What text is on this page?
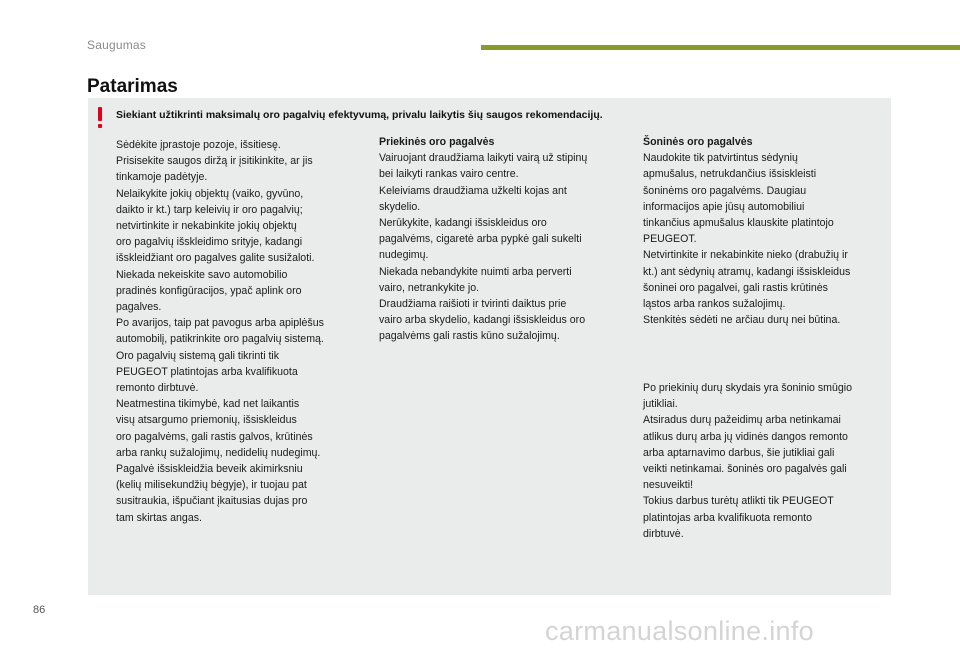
Saugumas
Patarimas
Siekiant užtikrinti maksimalų oro pagalvių efektyvumą, privalu laikytis šių saugos rekomendacijų.

Sėdėkite įprastoje pozoje, išsitiesę.

Prisisekite saugos diržą ir įsitikinkite, ar jis

tinkamoje padėtyje.

Nelaikykite jokių objektų (vaiko, gyvūno,

daikto ir kt.) tarp keleivių ir oro pagalvių;

netvirtinkite ir nekabinkite jokių objektų

oro pagalvių išskleidimo srityje, kadangi

išskleidžiant oro pagalves galite susižaloti.

Niekada nekeiskite savo automobilio

pradinės konfigūracijos, ypač aplink oro

pagalves.

Po avarijos, taip pat pavogus arba apiplėšus

automobilį, patikrinkite oro pagalvių sistemą.

Oro pagalvių sistemą gali tikrinti tik

PEUGEOT platintojas arba kvalifikuota

remonto dirbtuvė.

Neatmestina tikimybė, kad net laikantis

visų atsargumo priemonių, išsiskleidus

oro pagalvėms, gali rastis galvos, krūtinės

arba rankų sužalojimų, nedidelių nudegimų.

Pagalvė išsiskleidžia beveik akimirksniu

(kelių milisekundžių bėgyje), ir tuojau pat

susitraukia, išpučiant įkaitusias dujas pro

tam skirtas angas.

Priekinės oro pagalvės

Vairuojant draudžiama laikyti vairą už stipinų

bei laikyti rankas vairo centre.

Keleiviams draudžiama užkelti kojas ant

skydelio.

Nerūkykite, kadangi išsiskleidus oro

pagalvėms, cigaretė arba pypkė gali sukelti

nudegimų.

Niekada nebandykite nuimti arba perverti

vairo, netrankykite jo.

Draudžiama raišioti ir tvirinti daiktus prie

vairo arba skydelio, kadangi išsiskleidus oro

pagalvėms gali rastis kūno sužalojimų.

Šoninės oro pagalvės

Naudokite tik patvirtintus sėdynių

apmušalus, netrukdančius išsiskleisti

šoninėms oro pagalvėms. Daugiau

informacijos apie jūsų automobiliui

tinkančius apmušalus klauskite platintojo

PEUGEOT.

Netvirtinkite ir nekabinkite nieko (drabužių ir

kt.) ant sėdynių atramų, kadangi išsiskleidus

šoninei oro pagalvei, gali rastis krūtinės

ląstos arba rankos sužalojimų.

Stenkitės sėdėti ne arčiau durų nei būtina.

Po priekinių durų skydais yra šoninio smūgio

jutikliai.

Atsiradus durų pažeidimų arba netinkamai

atlikus durų arba jų vidinės dangos remonto

arba aptarnavimo darbus, šie jutikliai gali

veikti netinkamai. šoninės oro pagalvės gali

nesuveikti!

Tokius darbus turėtų atlikti tik PEUGEOT

platintojas arba kvalifikuota remonto

dirbtuvė.

86
carmanualsonline.info
